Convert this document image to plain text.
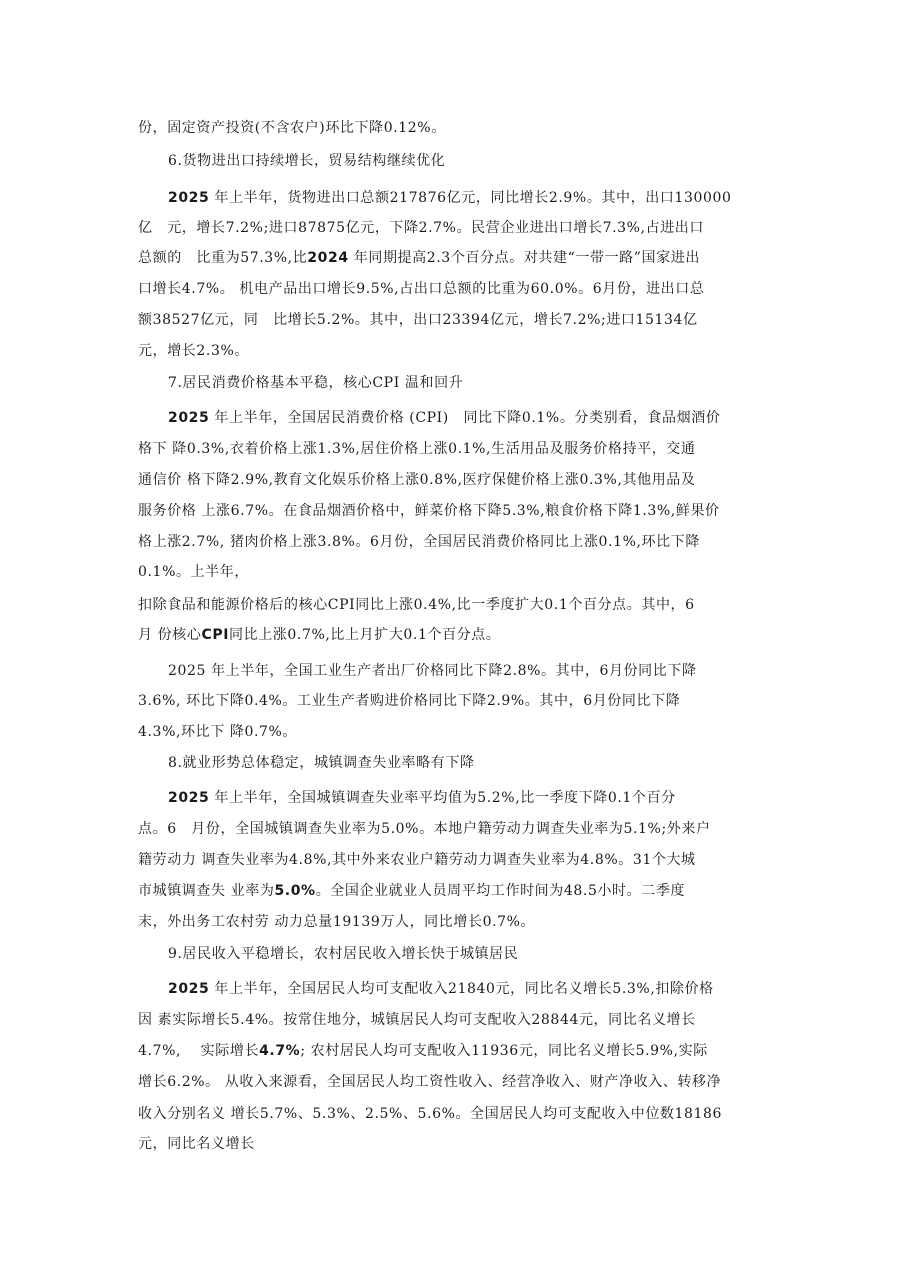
份，固定资产投资(不含农户)环比下降0.12%。
6.货物进出口持续增长，贸易结构继续优化
2025 年上半年，货物进出口总额217876亿元，同比增长2.9%。其中，出口130000
亿　元，增长7.2%;进口87875亿元，下降2.7%。民营企业进出口增长7.3%,占进出口
总额的　比重为57.3%,比2024 年同期提高2.3个百分点。对共建“一带一路”国家进出
口增长4.7%。 机电产品出口增长9.5%,占出口总额的比重为60.0%。6月份，进出口总
额38527亿元，同　比增长5.2%。其中，出口23394亿元，增长7.2%;进口15134亿
元，增长2.3%。
7.居民消费价格基本平稳，核心CPI 温和回升
2025 年上半年，全国居民消费价格 (CPI)　同比下降0.1%。分类别看，食品烟酒价
格下 降0.3%,衣着价格上涨1.3%,居住价格上涨0.1%,生活用品及服务价格持平，交通
通信价 格下降2.9%,教育文化娱乐价格上涨0.8%,医疗保健价格上涨0.3%,其他用品及
服务价格 上涨6.7%。在食品烟酒价格中，鲜菜价格下降5.3%,粮食价格下降1.3%,鲜果价
格上涨2.7%, 猪肉价格上涨3.8%。6月份，全国居民消费价格同比上涨0.1%,环比下降
0.1%。上半年，
扣除食品和能源价格后的核心CPI同比上涨0.4%,比一季度扩大0.1个百分点。其中，6
月 份核心CPI同比上涨0.7%,比上月扩大0.1个百分点。
2025 年上半年，全国工业生产者出厂价格同比下降2.8%。其中，6月份同比下降
3.6%, 环比下降0.4%。工业生产者购进价格同比下降2.9%。其中，6月份同比下降
4.3%,环比下 降0.7%。
8.就业形势总体稳定，城镇调查失业率略有下降
2025 年上半年，全国城镇调查失业率平均值为5.2%,比一季度下降0.1个百分
点。6　月份，全国城镇调查失业率为5.0%。本地户籍劳动力调查失业率为5.1%;外来户
籍劳动力 调查失业率为4.8%,其中外来农业户籍劳动力调查失业率为4.8%。31个大城
市城镇调查失 业率为5.0%。全国企业就业人员周平均工作时间为48.5小时。二季度
末，外出务工农村劳 动力总量19139万人，同比增长0.7%。
9.居民收入平稳增长，农村居民收入增长快于城镇居民
2025 年上半年，全国居民人均可支配收入21840元，同比名义增长5.3%,扣除价格
因 素实际增长5.4%。按常住地分，城镇居民人均可支配收入28844元，同比名义增长
4.7%,　 实际增长4.7%; 农村居民人均可支配收入11936元，同比名义增长5.9%,实际
增长6.2%。 从收入来源看，全国居民人均工资性收入、经营净收入、财产净收入、转移净
收入分别名义 增长5.7%、5.3%、2.5%、5.6%。全国居民人均可支配收入中位数18186
元，同比名义增长
